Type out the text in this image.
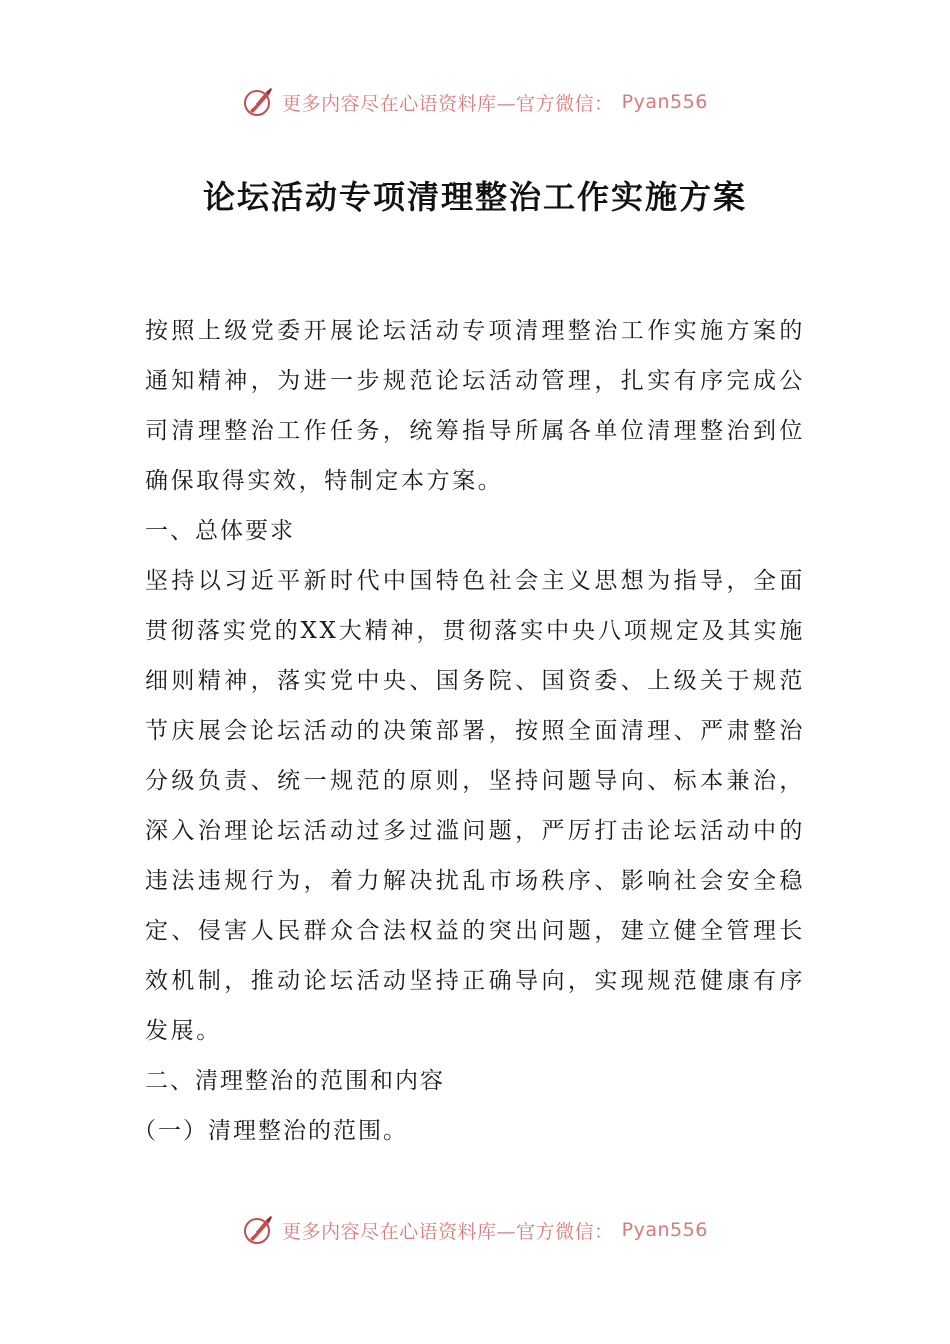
更多内容尽在心语资料库—官方微信： Pyan556
论坛活动专项清理整治工作实施方案

按照上级党委开展论坛活动专项清理整治工作实施方案的通知精神，为进一步规范论坛活动管理，扎实有序完成公司清理整治工作任务，统筹指导所属各单位清理整治到位确保取得实效，特制定本方案。

一、总体要求

坚持以习近平新时代中国特色社会主义思想为指导，全面贯彻落实党的XX大精神，贯彻落实中央八项规定及其实施细则精神，落实党中央、国务院、国资委、上级关于规范节庆展会论坛活动的决策部署，按照全面清理、严肃整治分级负责、统一规范的原则，坚持问题导向、标本兼治，深入治理论坛活动过多过滥问题，严厉打击论坛活动中的违法违规行为，着力解决扰乱市场秩序、影响社会安全稳定、侵害人民群众合法权益的突出问题，建立健全管理长效机制，推动论坛活动坚持正确导向，实现规范健康有序发展。

二、清理整治的范围和内容

（一）清理整治的范围。

更多内容尽在心语资料库—官方微信： Pyan556
